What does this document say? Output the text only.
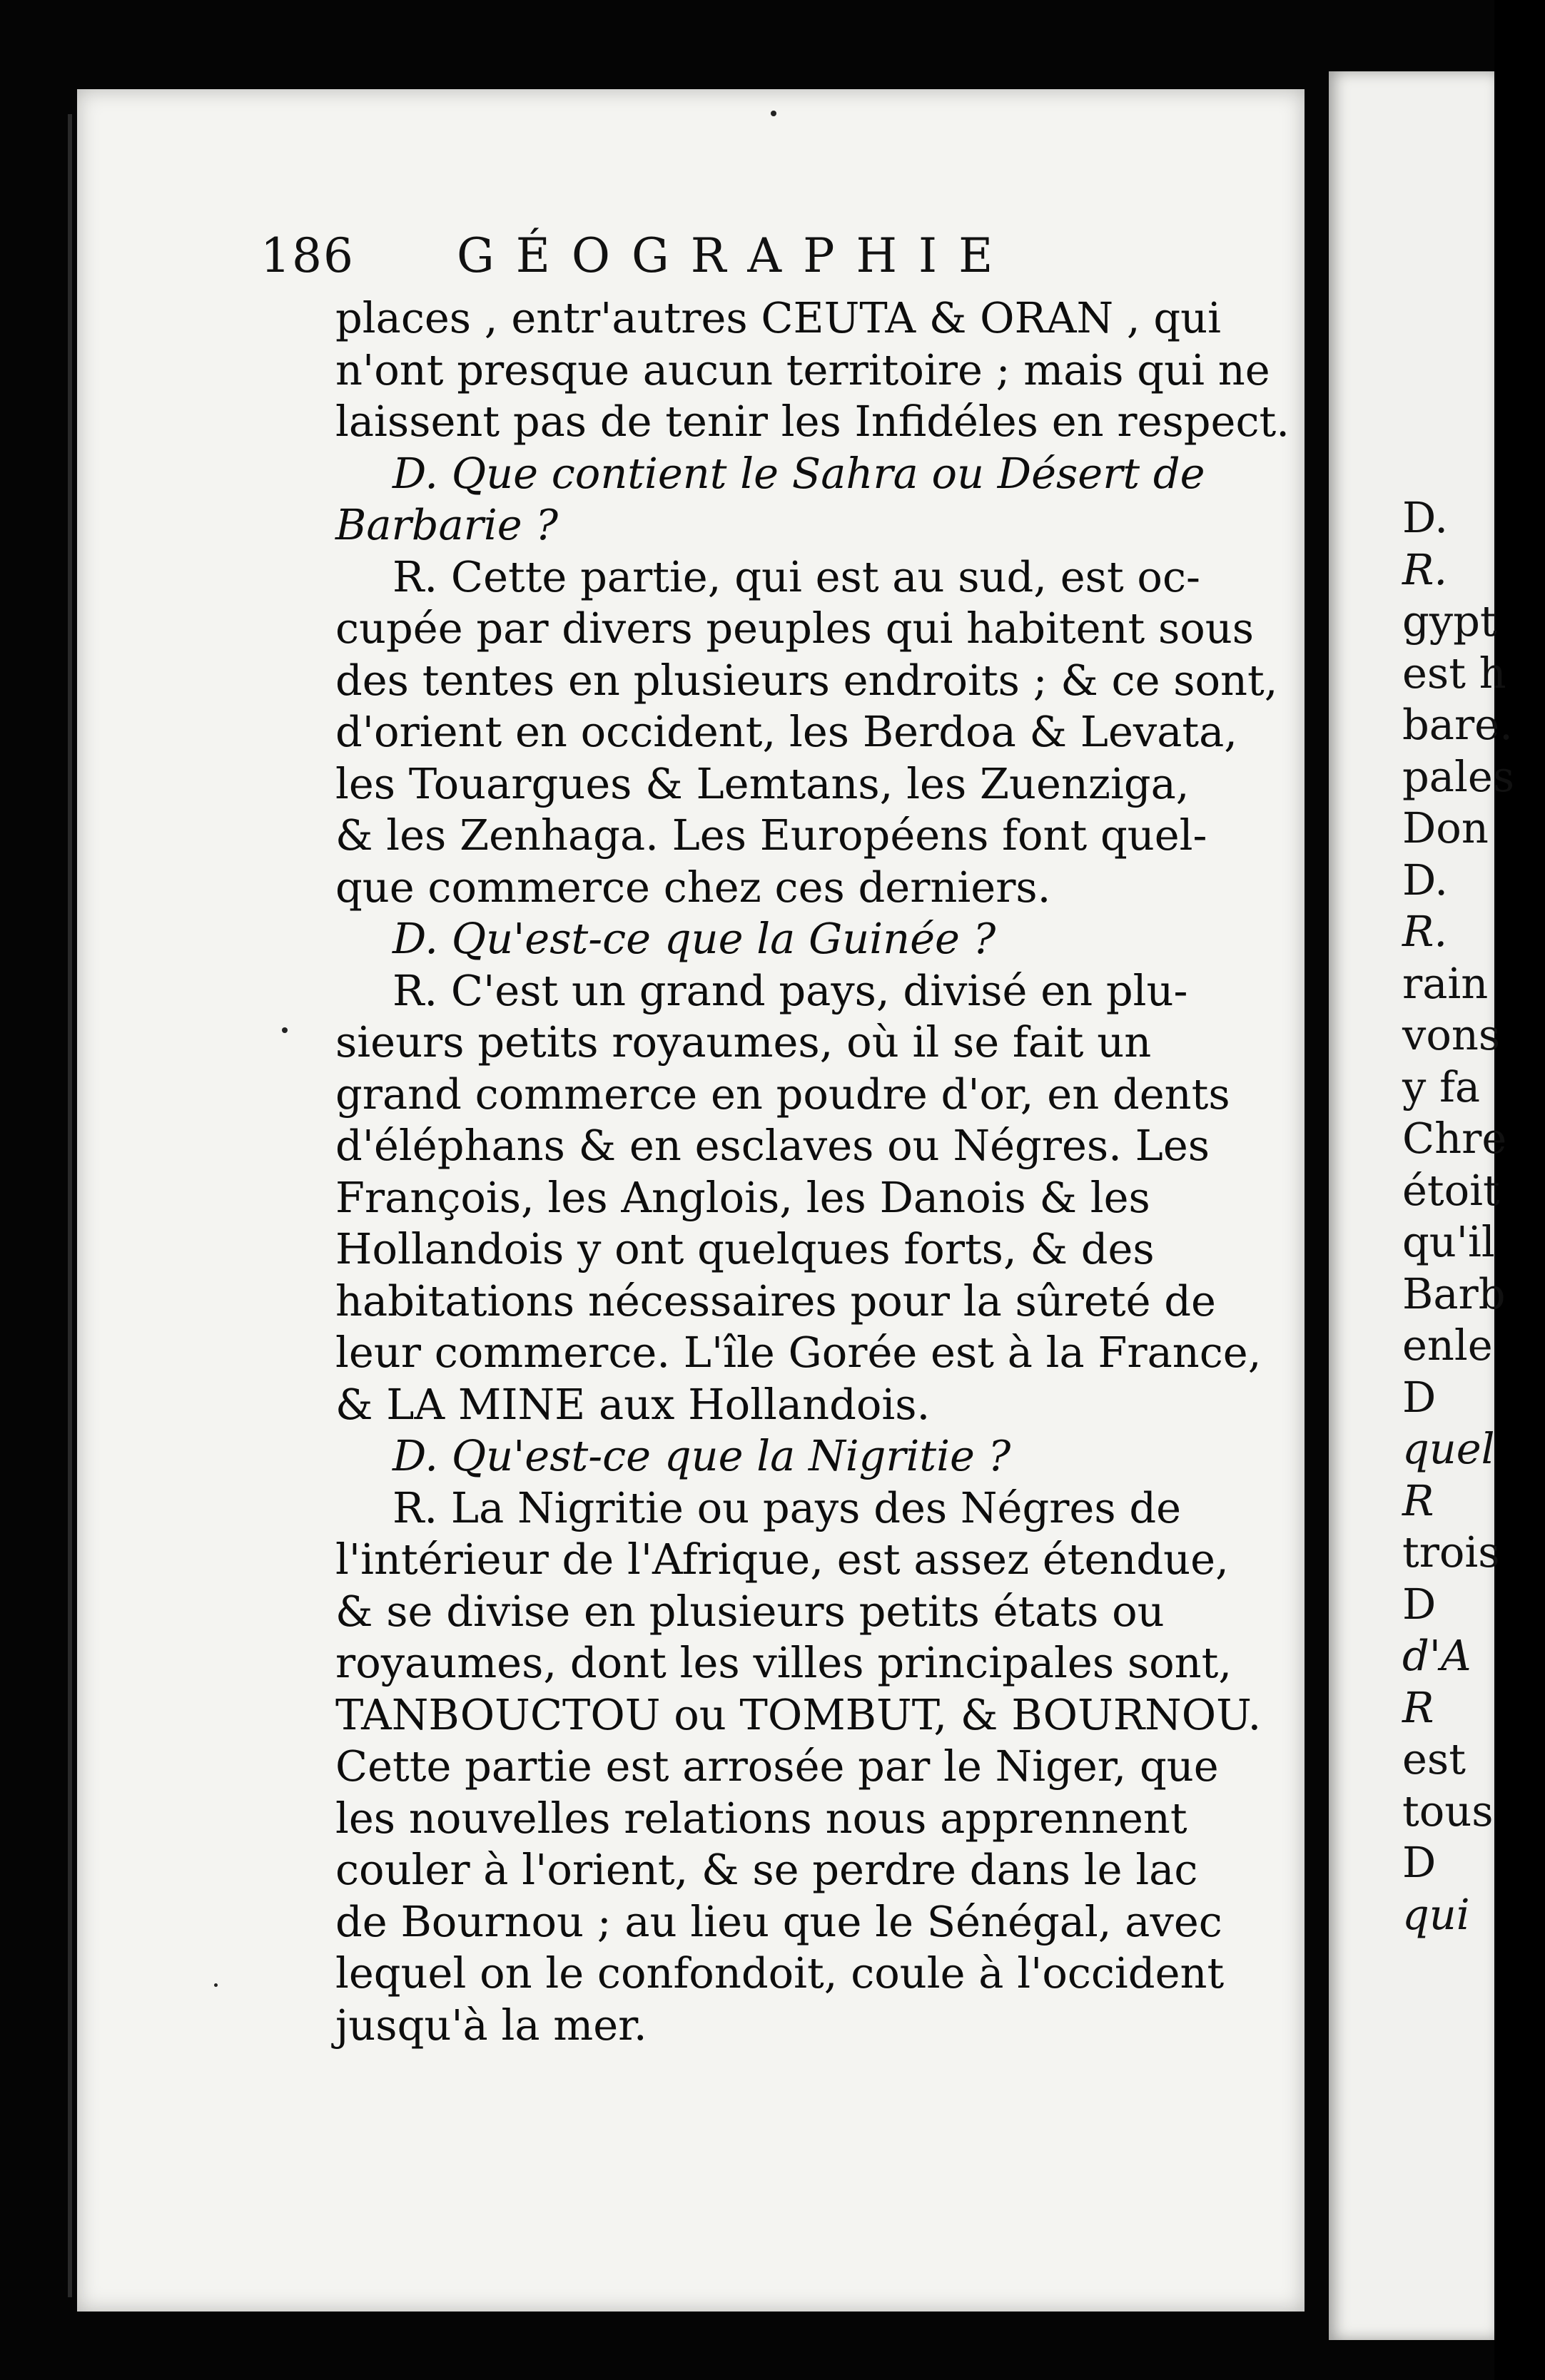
186 GÉOGRAPHIE
places , entr'autres CEUTA & ORAN , qui
n'ont presque aucun territoire ; mais qui ne
laissent pas de tenir les Infidéles en respect.
D. Que contient le Sahra ou Désert de
Barbarie ?
R. Cette partie, qui est au sud, est oc-
cupée par divers peuples qui habitent sous
des tentes en plusieurs endroits ; & ce sont,
d'orient en occident, les Berdoa & Levata,
les Touargues & Lemtans, les Zuenziga,
& les Zenhaga. Les Européens font quel-
que commerce chez ces derniers.
D. Qu'est-ce que la Guinée ?
R. C'est un grand pays, divisé en plu-
sieurs petits royaumes, où il se fait un
grand commerce en poudre d'or, en dents
d'éléphans & en esclaves ou Négres. Les
François, les Anglois, les Danois & les
Hollandois y ont quelques forts, & des
habitations nécessaires pour la sûreté de
leur commerce. L'île Gorée est à la France,
& LA MINE aux Hollandois.
D. Qu'est-ce que la Nigritie ?
R. La Nigritie ou pays des Négres de
l'intérieur de l'Afrique, est assez étendue,
& se divise en plusieurs petits états ou
royaumes, dont les villes principales sont,
TANBOUCTOU ou TOMBUT, & BOURNOU.
Cette partie est arrosée par le Niger, que
les nouvelles relations nous apprennent
couler à l'orient, & se perdre dans le lac
de Bournou ; au lieu que le Sénégal, avec
lequel on le confondoit, coule à l'occident
jusqu'à la mer.
D.
R.
gypt
est h
bare.
pales
Don
D.
R.
rain
vons
y fa
Chre
étoit
qu'il
Barb
enle
D
quel
R
trois
D
d'A
R
est
tous
D
qui
